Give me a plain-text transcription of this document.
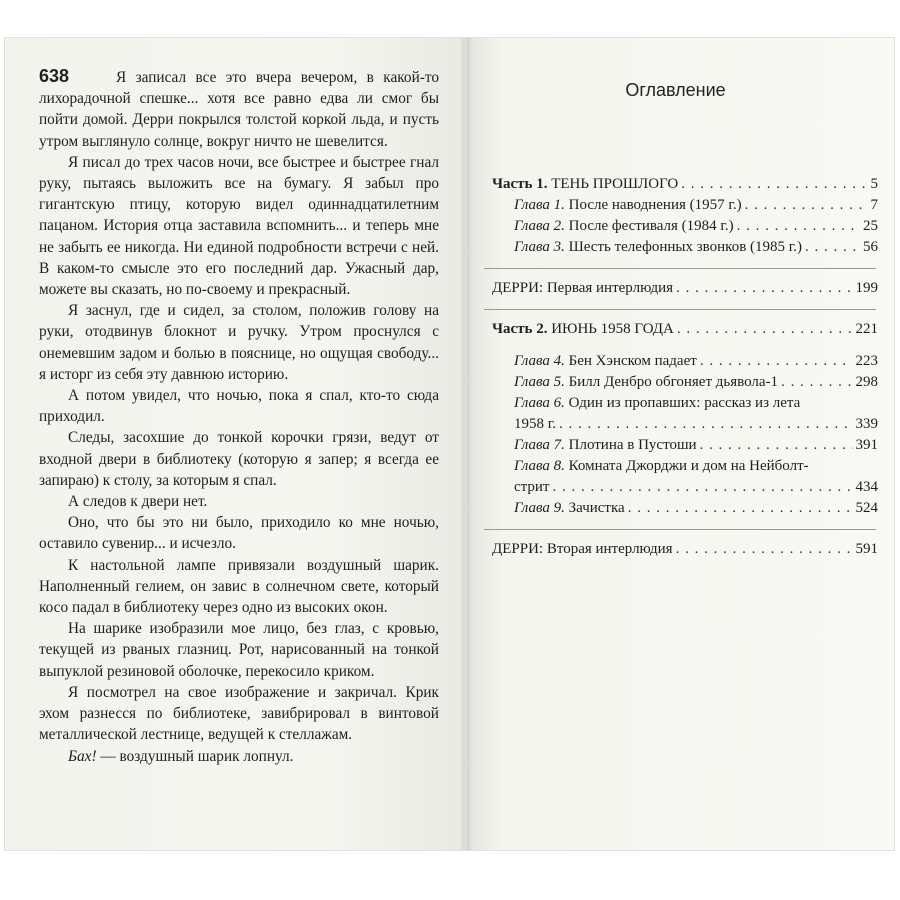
638	Я записал все это вчера вечером, в какой-то лихорадочной спешке... хотя все равно едва ли смог бы пойти домой. Дерри покрылся толстой коркой льда, и пусть утром выглянуло солнце, вокруг ничто не шевелится.

Я писал до трех часов ночи, все быстрее и быстрее гнал руку, пытаясь выложить все на бумагу. Я забыл про гигантскую птицу, которую видел одиннадцатилетним пацаном. История отца заставила вспомнить... и теперь мне не забыть ее никогда. Ни единой подробности встречи с ней. В каком-то смысле это его последний дар. Ужасный дар, можете вы сказать, но по-своему и прекрасный.

Я заснул, где и сидел, за столом, положив голову на руки, отодвинув блокнот и ручку. Утром проснулся с онемевшим задом и болью в пояснице, но ощущая свободу... я исторг из себя эту давнюю историю.

А потом увидел, что ночью, пока я спал, кто-то сюда приходил.

Следы, засохшие до тонкой корочки грязи, ведут от входной двери в библиотеку (которую я запер; я всегда ее запираю) к столу, за которым я спал.

А следов к двери нет.

Оно, что бы это ни было, приходило ко мне ночью, оставило сувенир... и исчезло.

К настольной лампе привязали воздушный шарик. Наполненный гелием, он завис в солнечном свете, который косо падал в библиотеку через одно из высоких окон.

На шарике изобразили мое лицо, без глаз, с кровью, текущей из рваных глазниц. Рот, нарисованный на тонкой выпуклой резиновой оболочке, перекосило криком.

Я посмотрел на свое изображение и закричал. Крик эхом разнесся по библиотеке, завибрировал в винтовой металлической лестнице, ведущей к стеллажам.

Бах! — воздушный шарик лопнул.

Оглавление
Часть 1. ТЕНЬ ПРОШЛОГО . . .	5
Глава 1. После наводнения (1957 г.) . . .	7
Глава 2. После фестиваля (1984 г.) . . .	25
Глава 3. Шесть телефонных звонков (1985 г.) . . .	56
ДЕРРИ: Первая интерлюдия . . .	199
Часть 2. ИЮНЬ 1958 ГОДА . . .	221
Глава 4. Бен Хэнском падает . . .	223
Глава 5. Билл Денбро обгоняет дьявола-1 . . .	298
Глава 6. Один из пропавших: рассказ из лета
1958 г. . . .	339
Глава 7. Плотина в Пустоши . . .	391
Глава 8. Комната Джорджи и дом на Нейболт-
стрит . . .	434
Глава 9. Зачистка . . .	524
ДЕРРИ: Вторая интерлюдия . . .	591
